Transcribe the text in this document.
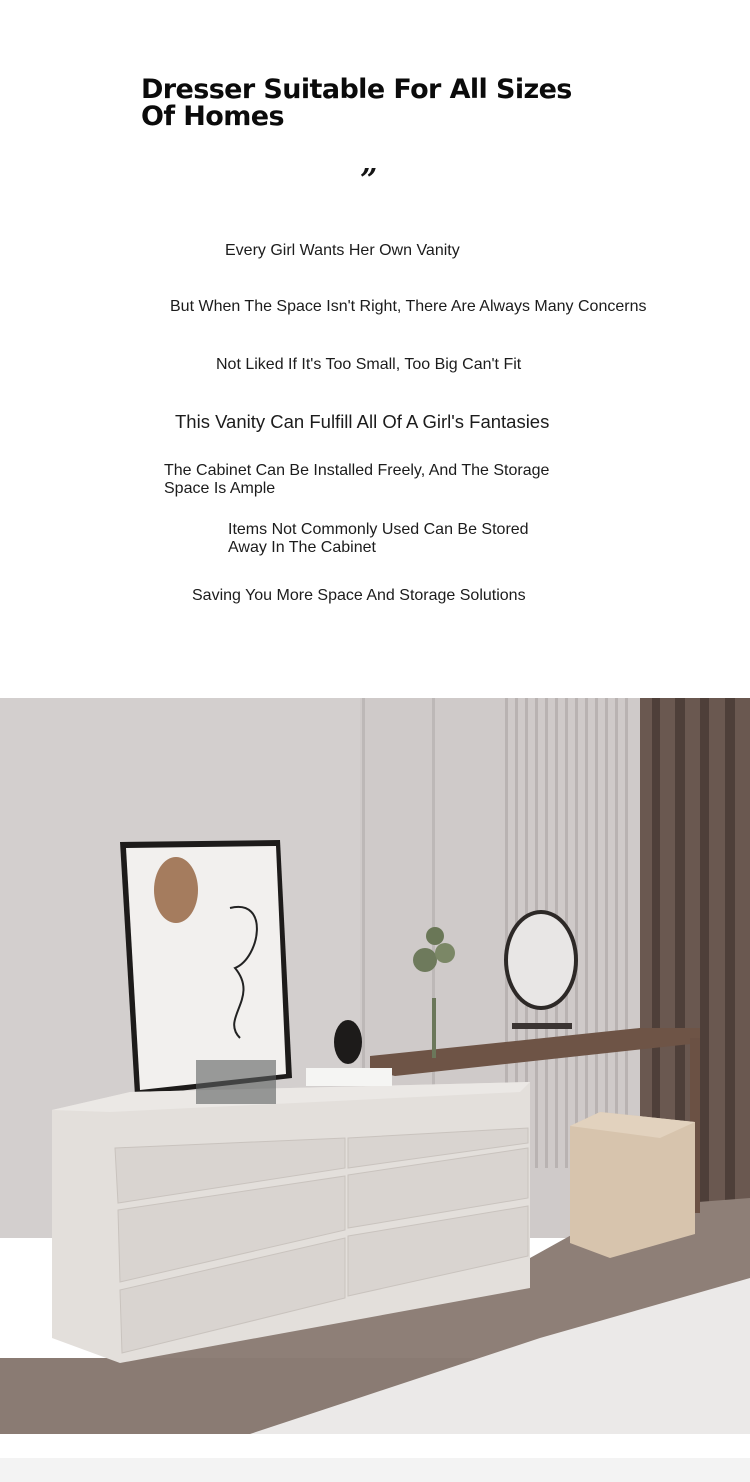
Dresser Suitable For All Sizes Of Homes
”
Every Girl Wants Her Own Vanity
But When The Space Isn't Right, There Are Always Many Concerns
Not Liked If It's Too Small, Too Big Can't Fit
This Vanity Can Fulfill All Of A Girl's Fantasies
The Cabinet Can Be Installed Freely, And The Storage Space Is Ample
Items Not Commonly Used Can Be Stored Away In The Cabinet
Saving You More Space And Storage Solutions
